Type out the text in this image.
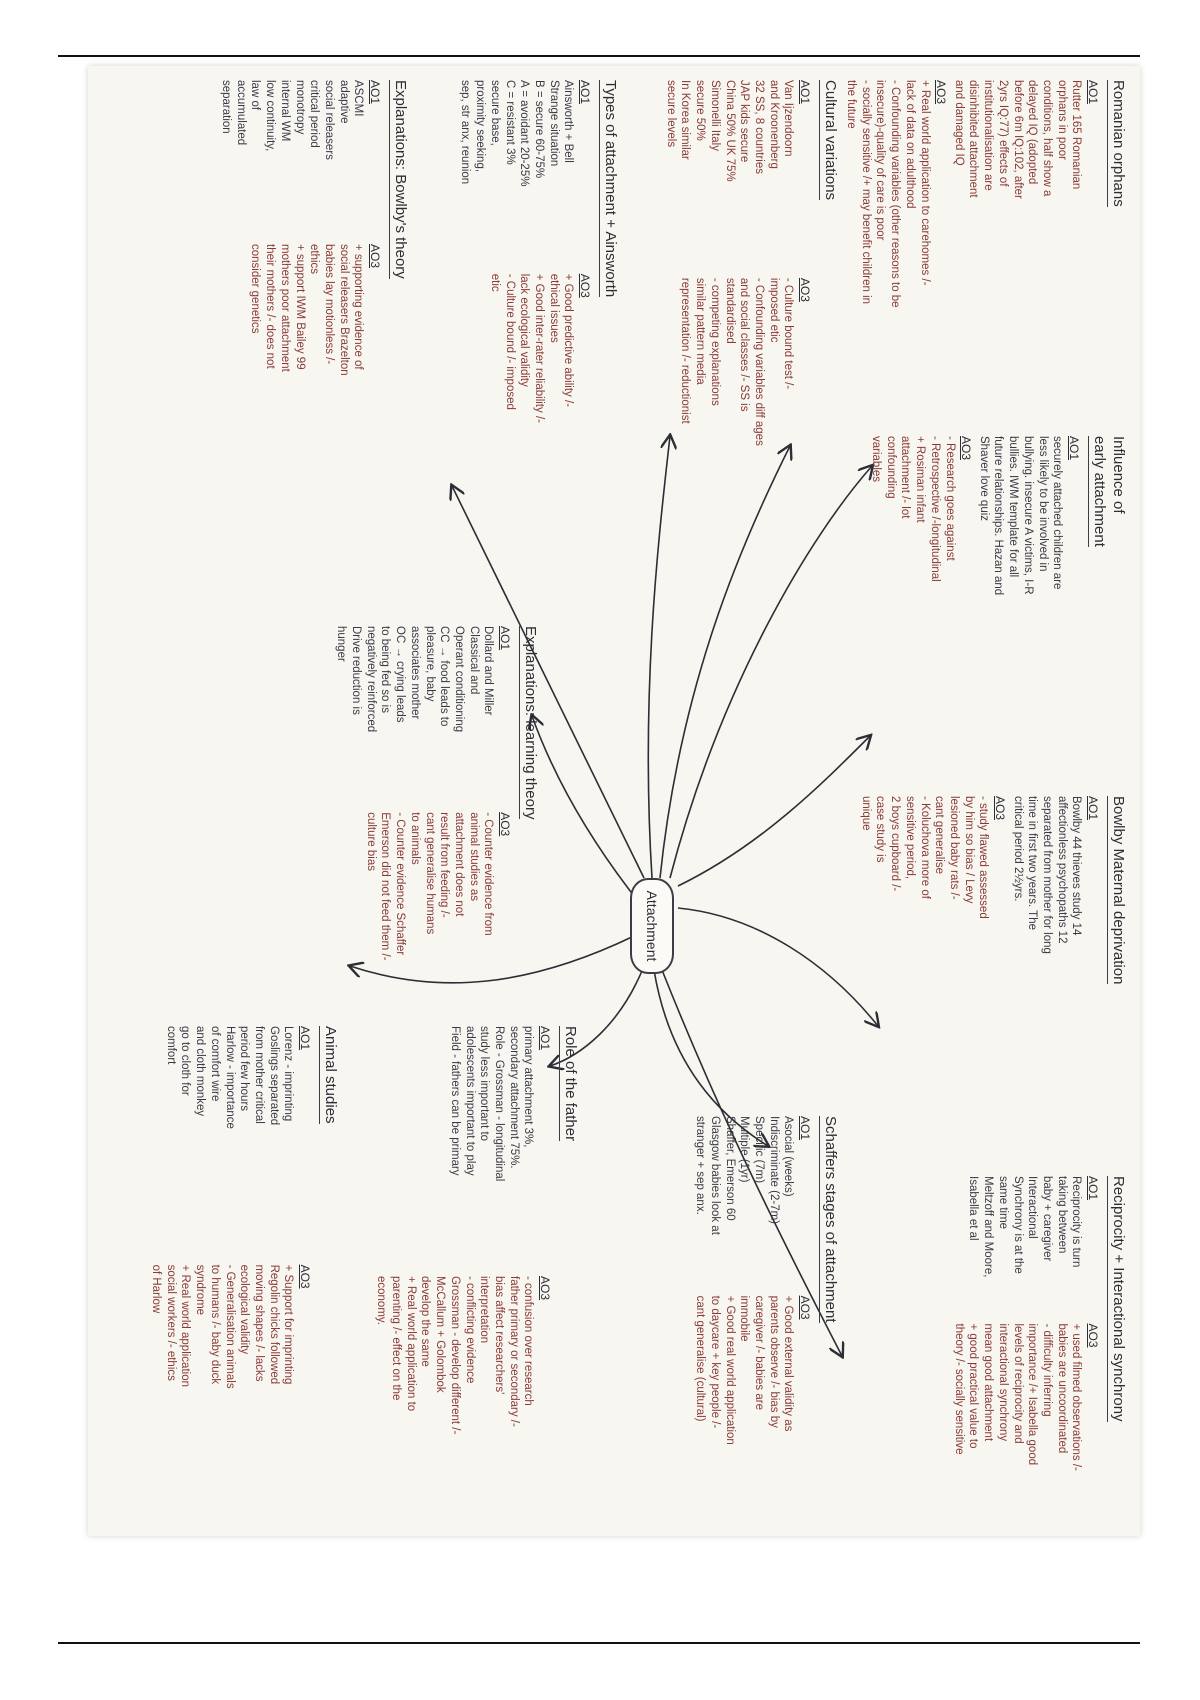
Attachment
Romanian orphans
AO1
Rutter 165 Romanian
orphans in poor
conditions, half show a
delayed IQ (adopted
before 6m IQ:102, after
2yrs IQ:77) effects of
institutionalisation are
disinhibited attachment
and damaged IQ
AO3
+ Real world application to carehomes /-
lack of data on adulthood
- Confounding variables (other reasons to be
insecure)-quality of care is poor
- socially sensitive /+ may benefit children in
the future
Influence of
early attachment
AO1
securely attached children are
less likely to be involved in
bullying. insecure A victims, I-R
bullies. IWM template for all
future relationships. Hazan and
Shaver love quiz
AO3
- Research goes against
- Retrospective /-longitudinal
+ Rosiman infant
attachment /- lot
confounding
variables
Bowlby Maternal deprivation
AO1
Bowlby 44 thieves study 14
affectionless psychopaths 12
separated from mother for long
time in first two years. The
critical period 2½yrs.
AO3
- study flawed assessed
by him so bias / Levy
lesioned baby rats /-
cant generalise
- Koluchova more of
sensitive period,
2 boys cupboard /-
case study is
unique
Reciprocity + Interactional synchrony
AO1
Reciprocity is turn
taking between
baby + caregiver
Interactional
Synchrony is at the
same time
Meltzoff and Moore,
Isabella et al
AO3
+ used filmed observations /-
babies are uncoordinated
- difficulty inferring
importance /+ Isabella good
levels of reciprocity and
interactional synchrony
mean good attachment
+ good practical value to
theory /- socially sensitive
Schaffers stages of attachment
AO1
Asocial (weeks)
Indiscriminate (2-7m)
Specific (7m)
Multiple (1yr)
Shaffer, Emerson 60
Glasgow babies look at
stranger + sep anx.
AO3
+ Good external validity as
parents observe /- bias by
caregiver /- babies are
immobile
+ Good real world application
to daycare + key people /-
cant generalise (cultural)
Role of the father
AO1
primary attachment 3%,
secondary attachment 75%.
Role - Grossman - longitudinal
study less important to
adolescents important to play
Field - fathers can be primary
AO3
- confusion over research
father primary or secondary /-
bias affect researchers'
interpretation
- conflicting evidence
Grossman - develop different /-
McCallum + Golombok
develop the same
+ Real world application to
parenting /- effect on the
economy.
Animal studies
AO1
Lorenz - imprinting
Goslings separated
from mother critical
period few hours
Harlow - importance
of comfort wire
and cloth monkey
go to cloth for
comfort
AO3
+ Support for imprinting
Regolin chicks followed
moving shapes /- lacks
ecological validity
- Generalisation animals
to humans /- baby duck
syndrome
+ Real world application
social workers /- ethics
of Harlow
Explanations: learning theory
AO1
Dollard and Miller
Classical and
Operant conditioning
CC → food leads to
pleasure, baby
associates mother
OC → crying leads
to being fed so is
negatively reinforced
Drive reduction is
hunger
AO3
- Counter evidence from
animal studies as
attachment does not
result from feeding /-
cant generalise humans
to animals
- Counter evidence Schaffer
Emerson did not feed them /-
culture bias
Explanations: Bowlby's theory
AO1
ASCMI
adaptive
social releasers
critical period
monotropy
internal WM
low continuity,
law of
accumulated
separation
AO3
+ supporting evidence of
social releasers Brazelton
babies lay motionless /-
ethics
+ support IWM Bailey 99
mothers poor attachment
their mothers /- does not
consider genetics
Types of attachment + Ainsworth
AO1
Ainsworth + Bell
Strange situation
B = secure 60-75%
A = avoidant 20-25%
C = resistant 3%
secure base,
proximity seeking,
sep, str anx, reunion
AO3
+ Good predictive ability /-
ethical issues
+ Good inter-rater reliability /-
lack ecological validity
- Culture bound /- imposed
etic
Cultural variations
AO1
Van Ijzendoorn
and Kroonenberg
32 SS, 8 countries
JAP kids secure
China 50% UK 75%
Simonelli Italy
secure 50%
In Korea similar
secure levels
AO3
- Culture bound test /-
imposed etic
- Confounding variables diff ages
and social classes /- SS is
standardised
- competing explanations
similar pattern media
representation /- reductionist
